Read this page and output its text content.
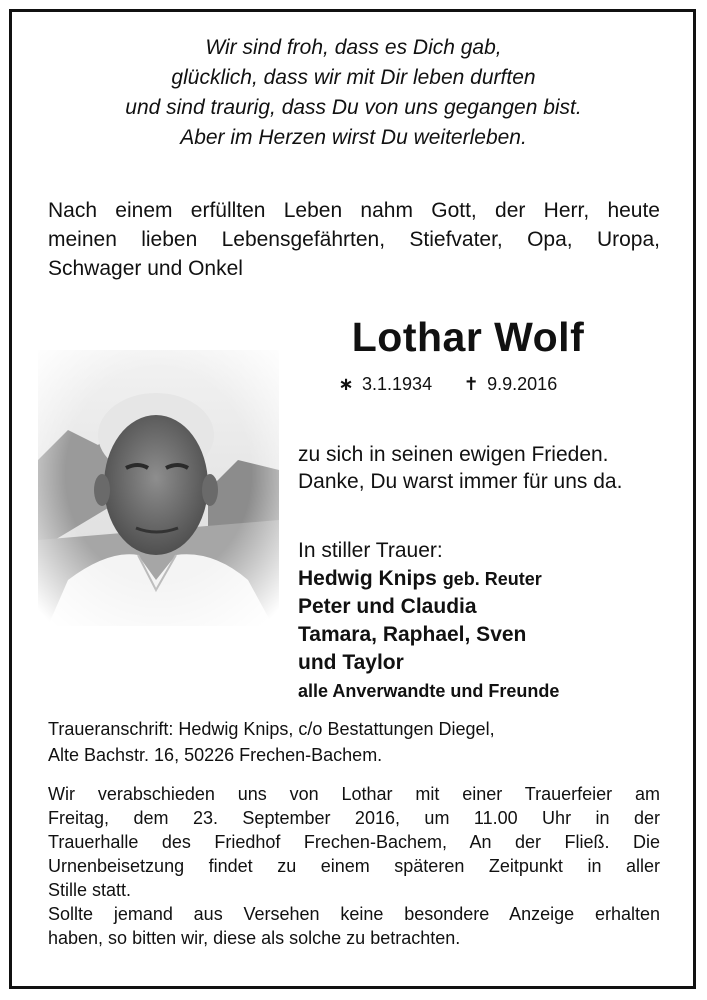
Wir sind froh, dass es Dich gab,
glücklich, dass wir mit Dir leben durften
und sind traurig, dass Du von uns gegangen bist.
Aber im Herzen wirst Du weiterleben.
Nach einem erfüllten Leben nahm Gott, der Herr, heute
meinen lieben Lebensgefährten, Stiefvater, Opa, Uropa,
Schwager und Onkel
Lothar Wolf
∗ 3.1.1934 ✝ 9.9.2016
zu sich in seinen ewigen Frieden.
Danke, Du warst immer für uns da.
In stiller Trauer:
Hedwig Knips geb. Reuter
Peter und Claudia
Tamara, Raphael, Sven
und Taylor
alle Anverwandte und Freunde
Traueranschrift: Hedwig Knips, c/o Bestattungen Diegel,
Alte Bachstr. 16, 50226 Frechen-Bachem.
Wir verabschieden uns von Lothar mit einer Trauerfeier am
Freitag, dem 23. September 2016, um 11.00 Uhr in der
Trauerhalle des Friedhof Frechen-Bachem, An der Fließ. Die
Urnenbeisetzung findet zu einem späteren Zeitpunkt in aller
Stille statt.
Sollte jemand aus Versehen keine besondere Anzeige erhalten
haben, so bitten wir, diese als solche zu betrachten.
